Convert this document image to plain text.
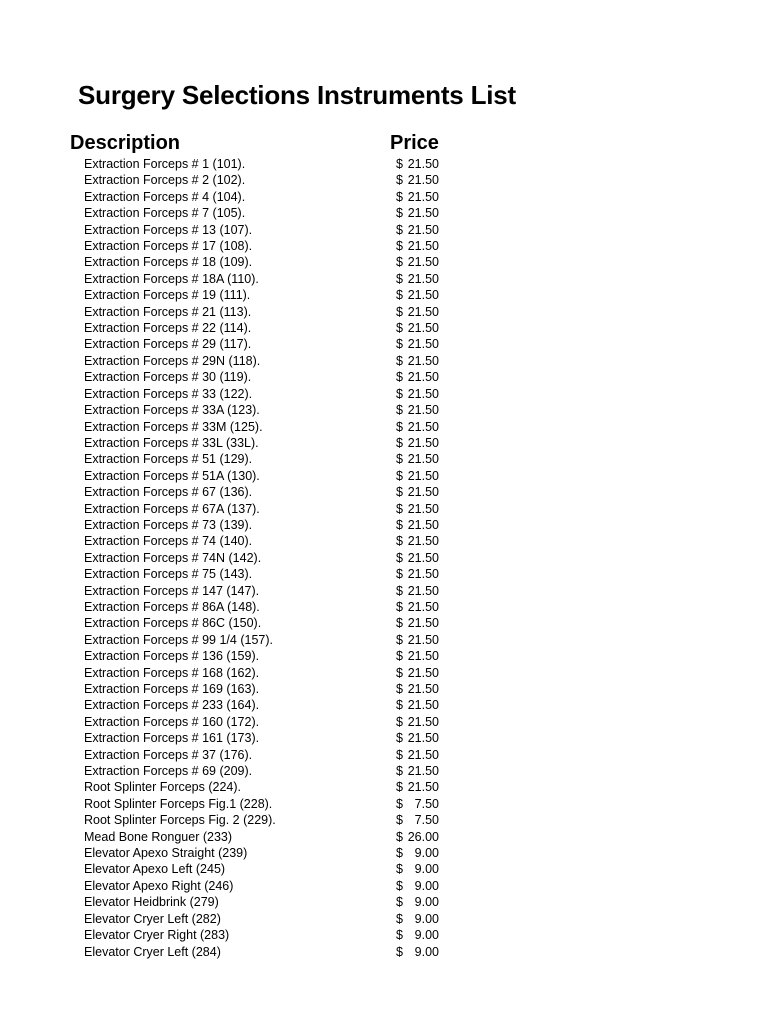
Surgery Selections Instruments List
Description	Price
Extraction Forceps # 1 (101).	$ 21.50
Extraction Forceps # 2 (102).	$ 21.50
Extraction Forceps # 4 (104).	$ 21.50
Extraction Forceps # 7 (105).	$ 21.50
Extraction Forceps # 13 (107).	$ 21.50
Extraction Forceps # 17 (108).	$ 21.50
Extraction Forceps # 18 (109).	$ 21.50
Extraction Forceps # 18A (110).	$ 21.50
Extraction Forceps # 19 (111).	$ 21.50
Extraction Forceps # 21 (113).	$ 21.50
Extraction Forceps # 22 (114).	$ 21.50
Extraction Forceps # 29 (117).	$ 21.50
Extraction Forceps # 29N (118).	$ 21.50
Extraction Forceps # 30 (119).	$ 21.50
Extraction Forceps # 33 (122).	$ 21.50
Extraction Forceps # 33A (123).	$ 21.50
Extraction Forceps # 33M (125).	$ 21.50
Extraction Forceps # 33L (33L).	$ 21.50
Extraction Forceps # 51 (129).	$ 21.50
Extraction Forceps # 51A (130).	$ 21.50
Extraction Forceps # 67 (136).	$ 21.50
Extraction Forceps # 67A (137).	$ 21.50
Extraction Forceps # 73 (139).	$ 21.50
Extraction Forceps # 74 (140).	$ 21.50
Extraction Forceps # 74N (142).	$ 21.50
Extraction Forceps # 75 (143).	$ 21.50
Extraction Forceps # 147 (147).	$ 21.50
Extraction Forceps # 86A (148).	$ 21.50
Extraction Forceps # 86C (150).	$ 21.50
Extraction Forceps # 99 1/4 (157).	$ 21.50
Extraction Forceps # 136 (159).	$ 21.50
Extraction Forceps # 168 (162).	$ 21.50
Extraction Forceps # 169 (163).	$ 21.50
Extraction Forceps # 233 (164).	$ 21.50
Extraction Forceps # 160 (172).	$ 21.50
Extraction Forceps # 161 (173).	$ 21.50
Extraction Forceps # 37 (176).	$ 21.50
Extraction Forceps # 69 (209).	$ 21.50
Root Splinter Forceps (224).	$ 21.50
Root Splinter Forceps Fig.1 (228).	$ 7.50
Root Splinter Forceps Fig. 2 (229).	$ 7.50
Mead Bone Ronguer (233)	$ 26.00
Elevator Apexo Straight (239)	$ 9.00
Elevator Apexo Left (245)	$ 9.00
Elevator Apexo Right (246)	$ 9.00
Elevator Heidbrink (279)	$ 9.00
Elevator Cryer Left (282)	$ 9.00
Elevator Cryer Right (283)	$ 9.00
Elevator Cryer Left (284)	$ 9.00
